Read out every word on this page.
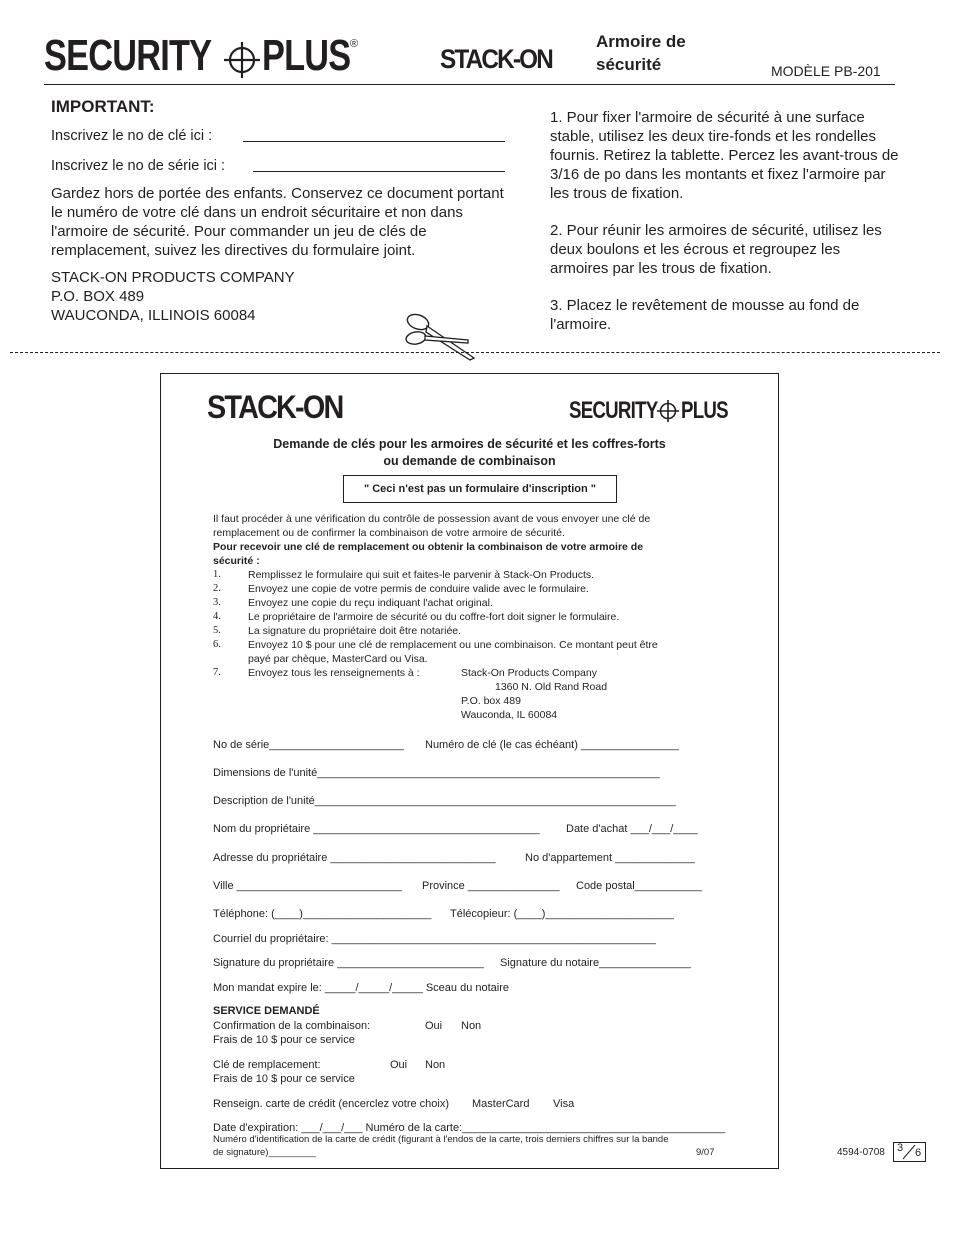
SECURITY PLUS ®	STACK-ON
Armoire de
sécurité	MODÈLE PB-201
IMPORTANT:
Inscrivez le no de clé ici :
Inscrivez le no de série ici :
Gardez hors de portée des enfants. Conservez ce document portant le numéro de votre clé dans un endroit sécuritaire et non dans l'armoire de sécurité. Pour commander un jeu de clés de remplacement, suivez les directives du formulaire joint.
STACK-ON PRODUCTS COMPANY
P.O. BOX 489
WAUCONDA, ILLINOIS 60084
1. Pour fixer l'armoire de sécurité à une surface stable, utilisez les deux tire-fonds et les rondelles fournis. Retirez la tablette. Percez les avant-trous de 3/16 de po dans les montants et fixez l'armoire par les trous de fixation.
2. Pour réunir les armoires de sécurité, utilisez les deux boulons et les écrous et regroupez les armoires par les trous de fixation.
3. Placez le revêtement de mousse au fond de l'armoire.
STACK-ON	SECURITY PLUS
Demande de clés pour les armoires de sécurité et les coffres-forts
ou demande de combinaison
" Ceci n'est pas un formulaire d'inscription "
Il faut procéder à une vérification du contrôle de possession avant de vous envoyer une clé de
remplacement ou de confirmer la combinaison de votre armoire de sécurité.
Pour recevoir une clé de remplacement ou obtenir la combinaison de votre armoire de
sécurité :
1.	Remplissez le formulaire qui suit et faites-le parvenir à Stack-On Products.
2.	Envoyez une copie de votre permis de conduire valide avec le formulaire.
3.	Envoyez une copie du reçu indiquant l'achat original.
4.	Le propriétaire de l'armoire de sécurité ou du coffre-fort doit signer le formulaire.
5.	La signature du propriétaire doit être notariée.
6.	Envoyez 10 $ pour une clé de remplacement ou une combinaison. Ce montant peut être
payé par chèque, MasterCard ou Visa.
7.	Envoyez tous les renseignements à :	Stack-On Products Company
1360 N. Old Rand Road
P.O. box 489
Wauconda, IL 60084
No de série______________________ Numéro de clé (le cas échéant) ________________
Dimensions de l'unité________________________________________________________
Description de l'unité___________________________________________________________
Nom du propriétaire _____________________________________ Date d'achat ___/___/____
Adresse du propriétaire ___________________________	No d'appartement _____________
Ville ___________________________ Province _______________ Code postal___________
Téléphone: (____)_____________________ Télécopieur: (____)_____________________
Courriel du propriétaire: _____________________________________________________
Signature du propriétaire ________________________ Signature du notaire_______________
Mon mandat expire le: _____/_____/_____ Sceau du notaire
SERVICE DEMANDÉ
Confirmation de la combinaison:	Oui Non
Frais de 10 $ pour ce service
Clé de remplacement:	Oui Non
Frais de 10 $ pour ce service
Renseign. carte de crédit (encerclez votre choix) MasterCard Visa
Date d'expiration: ___/___/___ Numéro de la carte:___________________________________________
Numéro d'identification de la carte de crédit (figurant à l'endos de la carte, trois derniers chiffres sur la bande
de signature)_________	9/07	4594-0708 3 6
